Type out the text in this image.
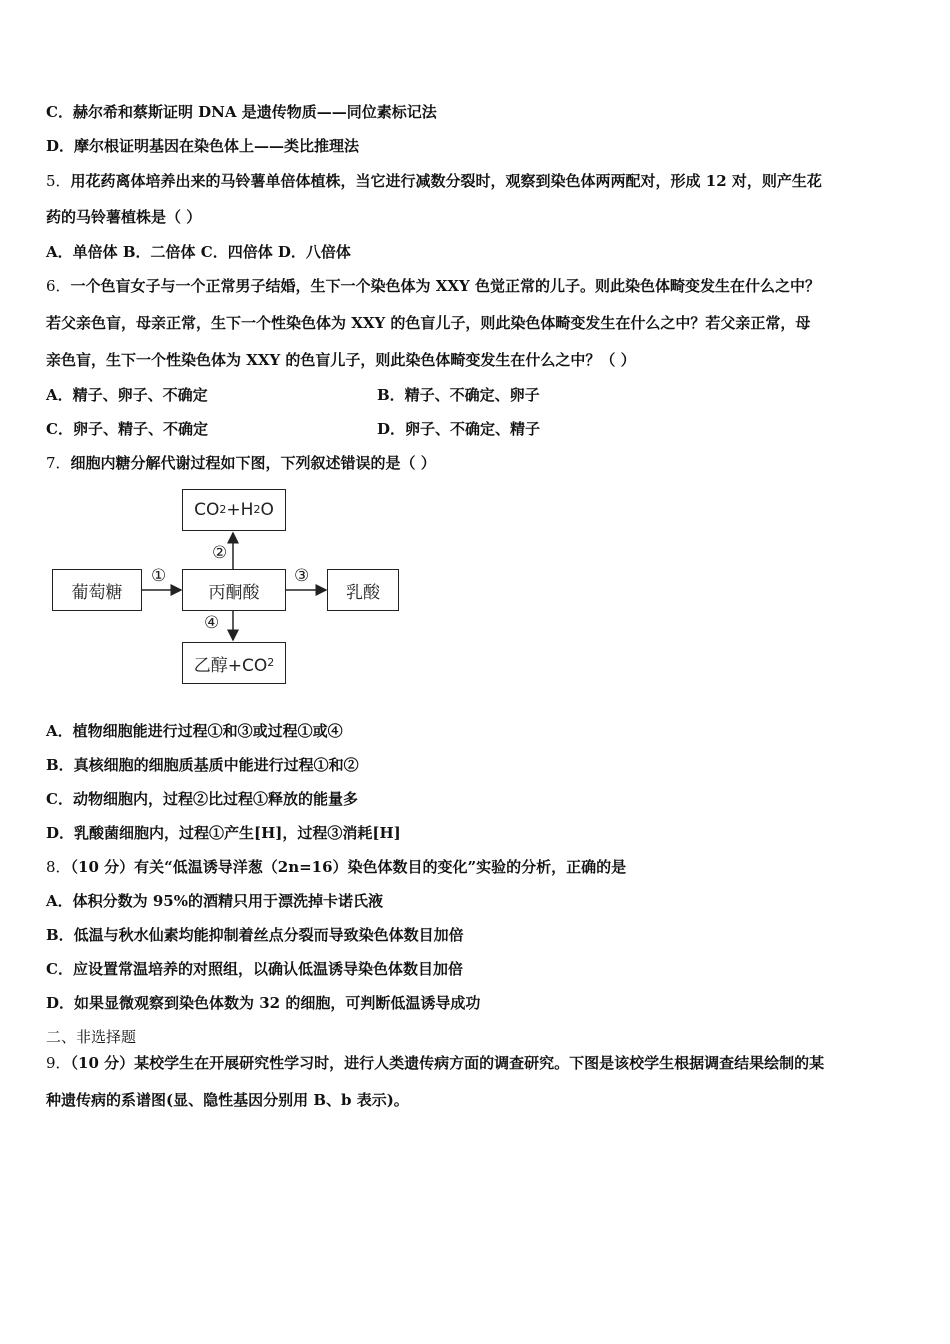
C．赫尔希和蔡斯证明 DNA 是遗传物质——同位素标记法
D．摩尔根证明基因在染色体上——类比推理法
5．用花药离体培养出来的马铃薯单倍体植株，当它进行减数分裂时，观察到染色体两两配对，形成 12 对，则产生花
药的马铃薯植株是（ ）
A．单倍体 B．二倍体 C．四倍体 D．八倍体
6．一个色盲女子与一个正常男子结婚，生下一个染色体为 XXY 色觉正常的儿子。则此染色体畸变发生在什么之中？
若父亲色盲，母亲正常，生下一个性染色体为 XXY 的色盲儿子，则此染色体畸变发生在什么之中？若父亲正常，母
亲色盲，生下一个性染色体为 XXY 的色盲儿子，则此染色体畸变发生在什么之中？（ ）
A．精子、卵子、不确定	B．精子、不确定、卵子
C．卵子、精子、不确定	D．卵子、不确定、精子
7．细胞内糖分解代谢过程如下图，下列叙述错误的是（ ）
CO 2 +H 2 O
葡萄糖	丙酮酸	乳酸
乙醇+CO 2
①
②
③
④
A．植物细胞能进行过程①和③或过程①或④
B．真核细胞的细胞质基质中能进行过程①和②
C．动物细胞内，过程②比过程①释放的能量多
D．乳酸菌细胞内，过程①产生[H]，过程③消耗[H]
8．（10 分）有关“低温诱导洋葱（2n=16）染色体数目的变化”实验的分析，正确的是
A．体积分数为 95%的酒精只用于漂洗掉卡诺氏液
B．低温与秋水仙素均能抑制着丝点分裂而导致染色体数目加倍
C．应设置常温培养的对照组，以确认低温诱导染色体数目加倍
D．如果显微观察到染色体数为 32 的细胞，可判断低温诱导成功
二、非选择题
9．（10 分）某校学生在开展研究性学习时，进行人类遗传病方面的调查研究。下图是该校学生根据调查结果绘制的某
种遗传病的系谱图(显、隐性基因分别用 B、b 表示)。
